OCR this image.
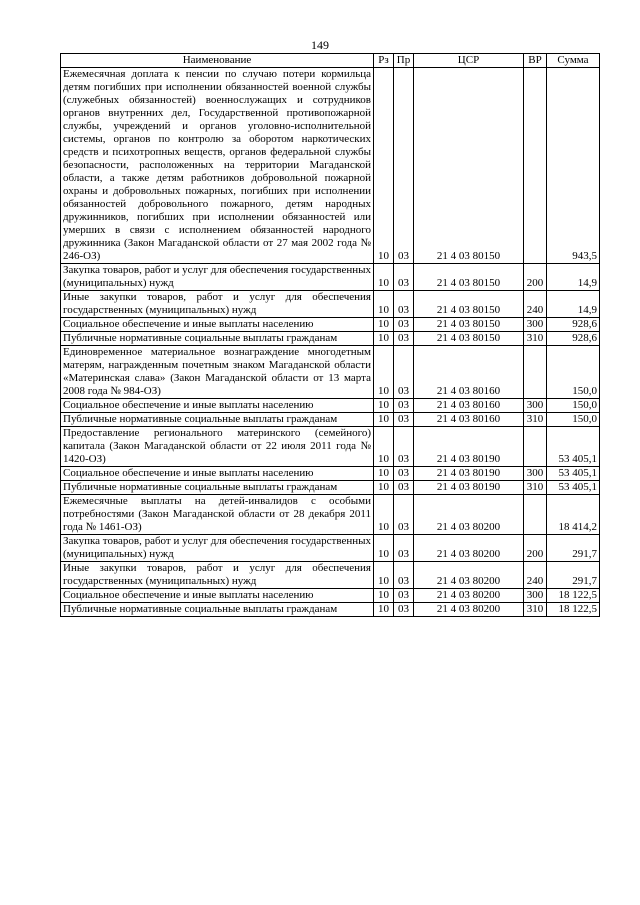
149
Наименование	Рз	Пр	ЦСР	ВР	Сумма
Ежемесячная доплата к пенсии по случаю потери кормильца детям погибших при исполнении обязанностей военной службы (служебных обязанностей) военнослужащих и сотрудников органов внутренних дел, Государственной противопожарной службы, учреждений и органов уголовно-исполнительной системы, органов по контролю за оборотом наркотических средств и психотропных веществ, органов федеральной службы безопасности, расположенных на территории Магаданской области, а также детям работников добровольной пожарной охраны и добровольных пожарных, погибших при исполнении обязанностей добровольного пожарного, детям народных дружинников, погибших при исполнении обязанностей или умерших в связи с исполнением обязанностей народного дружинника (Закон Магаданской области от 27 мая 2002 года № 246-ОЗ)	10	03	21 4 03 80150		943,5
Закупка товаров, работ и услуг для обеспечения государственных (муниципальных) нужд	10	03	21 4 03 80150	200	14,9
Иные закупки товаров, работ и услуг для обеспечения государственных (муниципальных) нужд	10	03	21 4 03 80150	240	14,9
Социальное обеспечение и иные выплаты населению	10	03	21 4 03 80150	300	928,6
Публичные нормативные социальные выплаты гражданам	10	03	21 4 03 80150	310	928,6
Единовременное материальное вознаграждение многодетным матерям, награжденным почетным знаком Магаданской области «Материнская слава» (Закон Магаданской области от 13 марта 2008 года № 984-ОЗ)	10	03	21 4 03 80160		150,0
Социальное обеспечение и иные выплаты населению	10	03	21 4 03 80160	300	150,0
Публичные нормативные социальные выплаты гражданам	10	03	21 4 03 80160	310	150,0
Предоставление регионального материнского (семейного) капитала (Закон Магаданской области от 22 июля 2011 года № 1420-ОЗ)	10	03	21 4 03 80190		53 405,1
Социальное обеспечение и иные выплаты населению	10	03	21 4 03 80190	300	53 405,1
Публичные нормативные социальные выплаты гражданам	10	03	21 4 03 80190	310	53 405,1
Ежемесячные выплаты на детей-инвалидов с особыми потребностями (Закон Магаданской области от 28 декабря 2011 года № 1461-ОЗ)	10	03	21 4 03 80200		18 414,2
Закупка товаров, работ и услуг для обеспечения государственных (муниципальных) нужд	10	03	21 4 03 80200	200	291,7
Иные закупки товаров, работ и услуг для обеспечения государственных (муниципальных) нужд	10	03	21 4 03 80200	240	291,7
Социальное обеспечение и иные выплаты населению	10	03	21 4 03 80200	300	18 122,5
Публичные нормативные социальные выплаты гражданам	10	03	21 4 03 80200	310	18 122,5
